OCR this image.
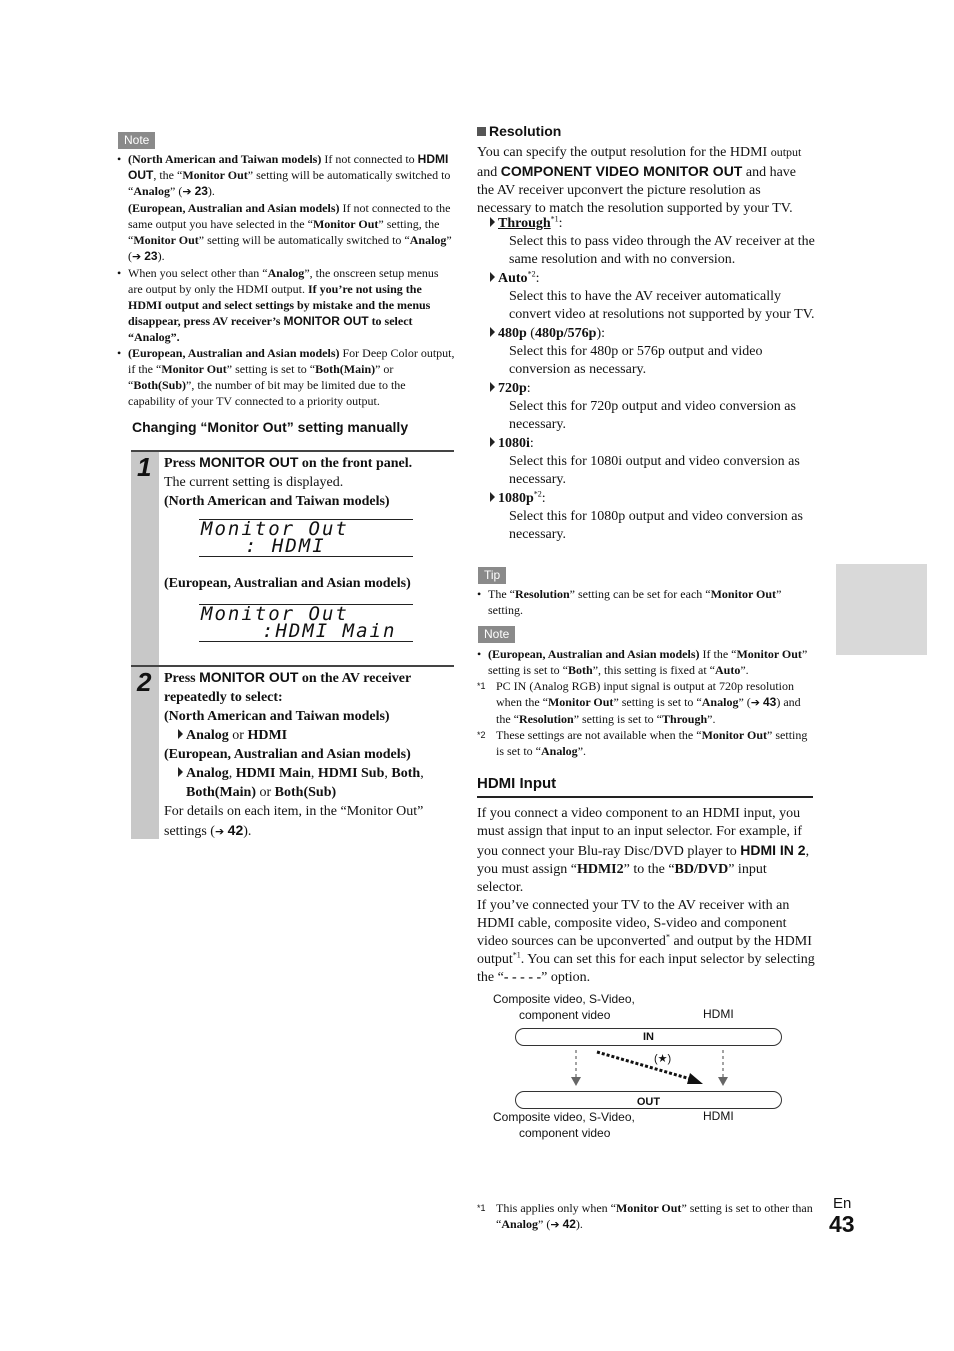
Note
• (North American and Taiwan models) If not connected to HDMI OUT, the “Monitor Out” setting will be automatically switched to “Analog” (➔ 23).
(European, Australian and Asian models) If not connected to the same output you have selected in the “Monitor Out” setting, the “Monitor Out” setting will be automatically switched to “Analog” (➔ 23).
• When you select other than “Analog”, the onscreen setup menus are output by only the HDMI output. If you’re not using the HDMI output and select settings by mistake and the menus disappear, press AV receiver’s MONITOR OUT to select “Analog”.
• (European, Australian and Asian models) For Deep Color output, if the “Monitor Out” setting is set to “Both(Main)” or “Both(Sub)”, the number of bit may be limited due to the capability of your TV connected to a priority output.
Changing “Monitor Out” setting manually
1 Press MONITOR OUT on the front panel.
The current setting is displayed.
(North American and Taiwan models)
Monitor Out
: HDMI
(European, Australian and Asian models)
Monitor Out
:HDMI Main
2 Press MONITOR OUT on the AV receiver repeatedly to select:
(North American and Taiwan models)
Analog or HDMI
(European, Australian and Asian models)
Analog, HDMI Main, HDMI Sub, Both,
Both(Main) or Both(Sub)
For details on each item, in the “Monitor Out” settings (➔ 42).
Resolution
You can specify the output resolution for the HDMI output and COMPONENT VIDEO MONITOR OUT and have the AV receiver upconvert the picture resolution as necessary to match the resolution supported by your TV.
Through$^{*1}$:
Select this to pass video through the AV receiver at the same resolution and with no conversion.
Auto$^{*2}$:
Select this to have the AV receiver automatically convert video at resolutions not supported by your TV.
480p (480p/576p):
Select this for 480p or 576p output and video conversion as necessary.
720p:
Select this for 720p output and video conversion as necessary.
1080i:
Select this for 1080i output and video conversion as necessary.
$1080p^{*2}$:
Select this for 1080p output and video conversion as necessary.
Tip
• The “Resolution” setting can be set for each “Monitor Out” setting.
Note
• (European, Australian and Asian models) If the “Monitor Out” setting is set to “Both”, this setting is fixed at “Auto”.
*1 PC IN (Analog RGB) input signal is output at 720p resolution when the “Monitor Out” setting is set to “Analog” (➔ 43) and the “Resolution” setting is set to “Through”.
*2 These settings are not available when the “Monitor Out” setting is set to “Analog”.
HDMI Input
If you connect a video component to an HDMI input, you must assign that input to an input selector. For example, if you connect your Blu-ray Disc/DVD player to HDMI IN 2, you must assign “HDMI2” to the “BD/DVD” input selector.
If you’ve connected your TV to the AV receiver with an HDMI cable, composite video, S-video and component video sources can be upconverted* and output by the HDMI output$^{*1}$. You can set this for each input selector by selecting the “- - - - -” option.
Composite video, S-Video,
component video	HDMI
IN
(★)
OUT
Composite video, S-Video,
component video
HDMI
*1 This applies only when “Monitor Out” setting is set to other than “Analog” (➔ 42).
En
43
